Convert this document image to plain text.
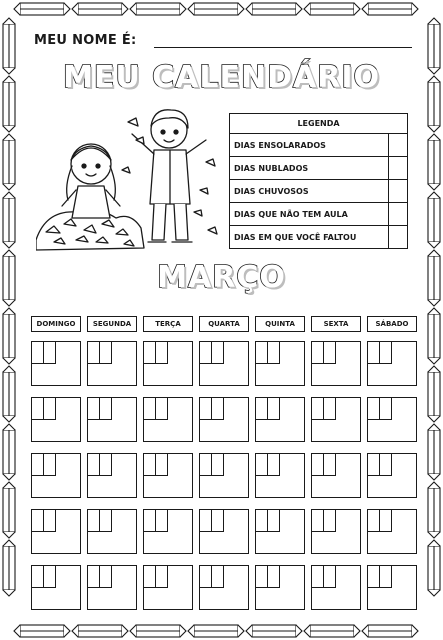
MEU NOME É:
MEU CALENDÁRIO
LEGENDA	
DIAS ENSOLARADOS	
DIAS NUBLADOS	
DIAS CHUVOSOS	
DIAS QUE NÃO TEM AULA	
DIAS EM QUE VOCÊ FALTOU	
MARÇO
DOMINGO	SEGUNDA	TERÇA	QUARTA	QUINTA	SEXTA	SÁBADO
